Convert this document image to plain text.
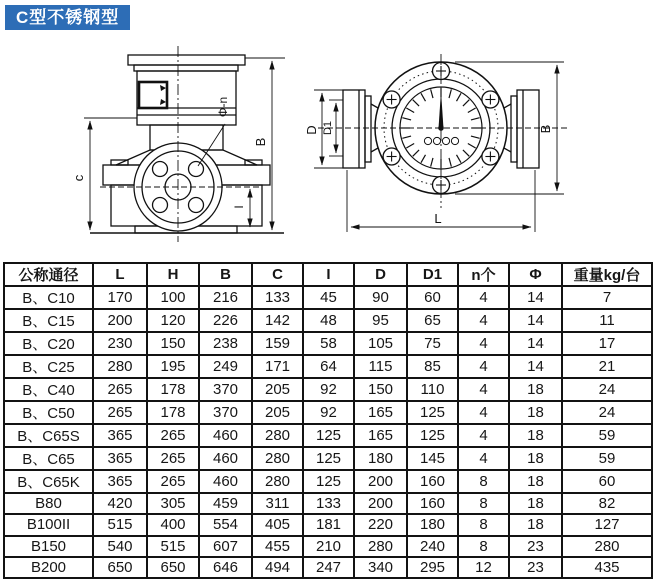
C型不锈钢型
c
B
Φ-n
I
D D1	B
L
公称通径	L	H	B	C	I	D	D1	n个	Φ	重量kg/台
B、C10	170	100	216	133	45	90	60	4	14	7
B、C15	200	120	226	142	48	95	65	4	14	11
B、C20	230	150	238	159	58	105	75	4	14	17
B、C25	280	195	249	171	64	115	85	4	14	21
B、C40	265	178	370	205	92	150	110	4	18	24
B、C50	265	178	370	205	92	165	125	4	18	24
B、C65S	365	265	460	280	125	165	125	4	18	59
B、C65	365	265	460	280	125	180	145	4	18	59
B、C65K	365	265	460	280	125	200	160	8	18	60
B80	420	305	459	311	133	200	160	8	18	82
B100II	515	400	554	405	181	220	180	8	18	127
B150	540	515	607	455	210	280	240	8	23	280
B200	650	650	646	494	247	340	295	12	23	435
